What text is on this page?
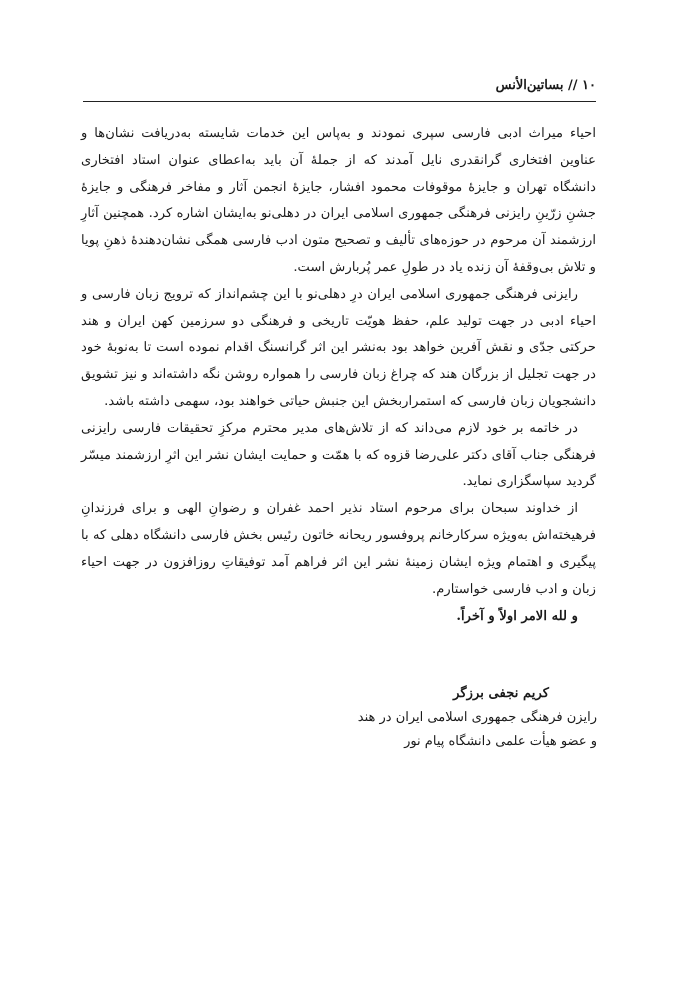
۱۰ // بساتین‌الأنس

احیاء میراث ادبی فارسی سپری نمودند و به‌پاس این خدمات شایسته به‌دریافت نشان‌ها و عناوین افتخاری گرانقدری نایل آمدند که از جملهٔ آن باید به‌اعطای عنوان استاد افتخاری دانشگاه تهران و جایزهٔ موقوفات محمود افشار، جایزهٔ انجمن آثار و مفاخر فرهنگی و جایزهٔ جشنِ زرّینِ رایزنی فرهنگی جمهوری اسلامی ایران در دهلی‌نو به‌ایشان اشاره کرد. همچنین آثارِ ارزشمند آن مرحوم در حوزه‌های تألیف و تصحیح متون ادب فارسی همگی نشان‌دهندهٔ ذهنِ پویا و تلاش بی‌وقفهٔ آن زنده یاد در طولِ عمر پُربارش است.

رایزنی فرهنگی جمهوری اسلامی ایران درِ دهلی‌نو با این چشم‌انداز که ترویج زبان فارسی و احیاء ادبی در جهت تولید علم، حفظ هویّت تاریخی و فرهنگی دو سرزمین کهن ایران و هند حرکتی جدّی و نقش آفرین خواهد بود به‌نشر این اثر گرانسنگ اقدام نموده است تا به‌نوبهٔ خود در جهت تجلیل از بزرگان هند که چراغ زبان فارسی را همواره روشن نگه داشته‌اند و نیز تشویق دانشجویان زبان فارسی که استمراربخش این جنبش حیاتی خواهند بود، سهمی داشته باشد.

در خاتمه بر خود لازم می‌داند که از تلاش‌های مدیر محترم مرکزِ تحقیقات فارسی رایزنی فرهنگی جناب آقای دکتر علی‌رضا قزوه که با همّت و حمایت ایشان نشر این اثرِ ارزشمند میسّر گردید سپاسگزاری نماید.

از خداوند سبحان برای مرحوم استاد نذیر احمد غفران و رضوانِ الهی و برای فرزندانِ فرهیخته‌اش به‌ویژه سرکارخانم پروفسور ریحانه خاتون رئیس بخش فارسی دانشگاه دهلی که با پیگیری و اهتمام ویژه ایشان زمینهٔ نشر این اثر فراهم آمد توفیقاتِ روزافزون در جهت احیاء زبان و ادب فارسی خواستارم.

و لله الامر اولاً و آخراً.

کریم نجفی برزگر
رایزن فرهنگی جمهوری اسلامی ایران در هند
و عضو هیأت علمی دانشگاه پیام نور
